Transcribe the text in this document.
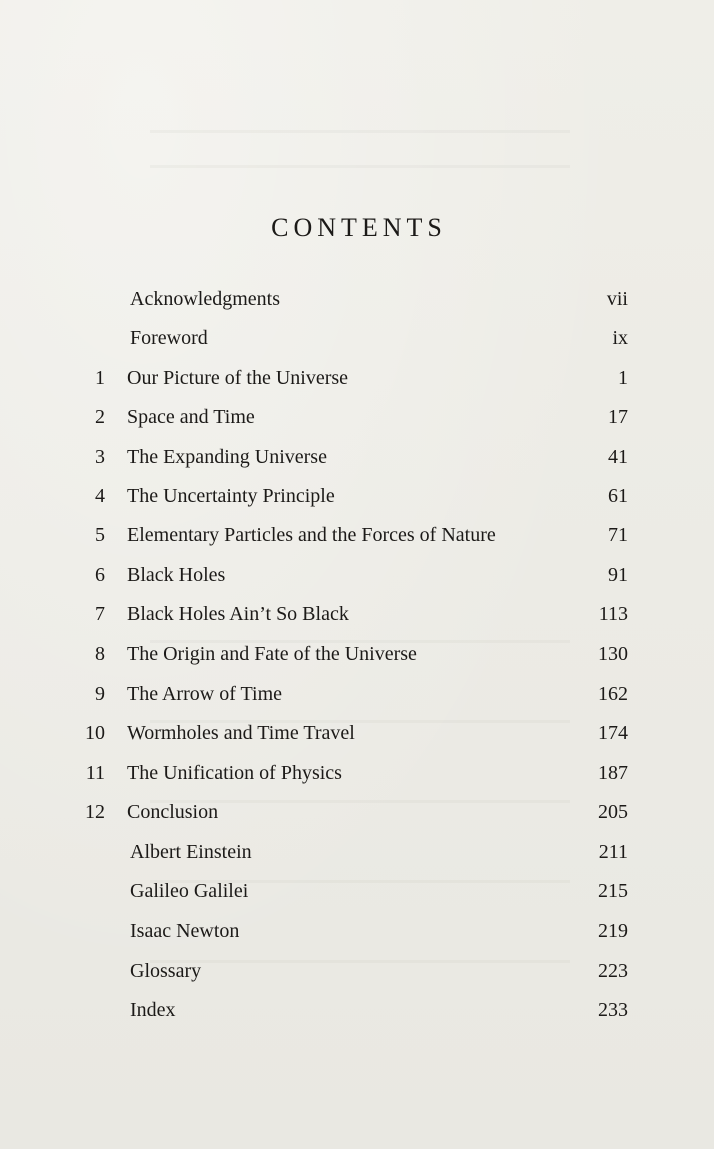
CONTENTS
Acknowledgments	vii
Foreword	ix
1 Our Picture of the Universe	1
2 Space and Time	17
3 The Expanding Universe	41
4 The Uncertainty Principle	61
5 Elementary Particles and the Forces of Nature	71
6 Black Holes	91
7 Black Holes Ain’t So Black	113
8 The Origin and Fate of the Universe	130
9 The Arrow of Time	162
10 Wormholes and Time Travel	174
11 The Unification of Physics	187
12 Conclusion	205
Albert Einstein	211
Galileo Galilei	215
Isaac Newton	219
Glossary	223
Index	233
